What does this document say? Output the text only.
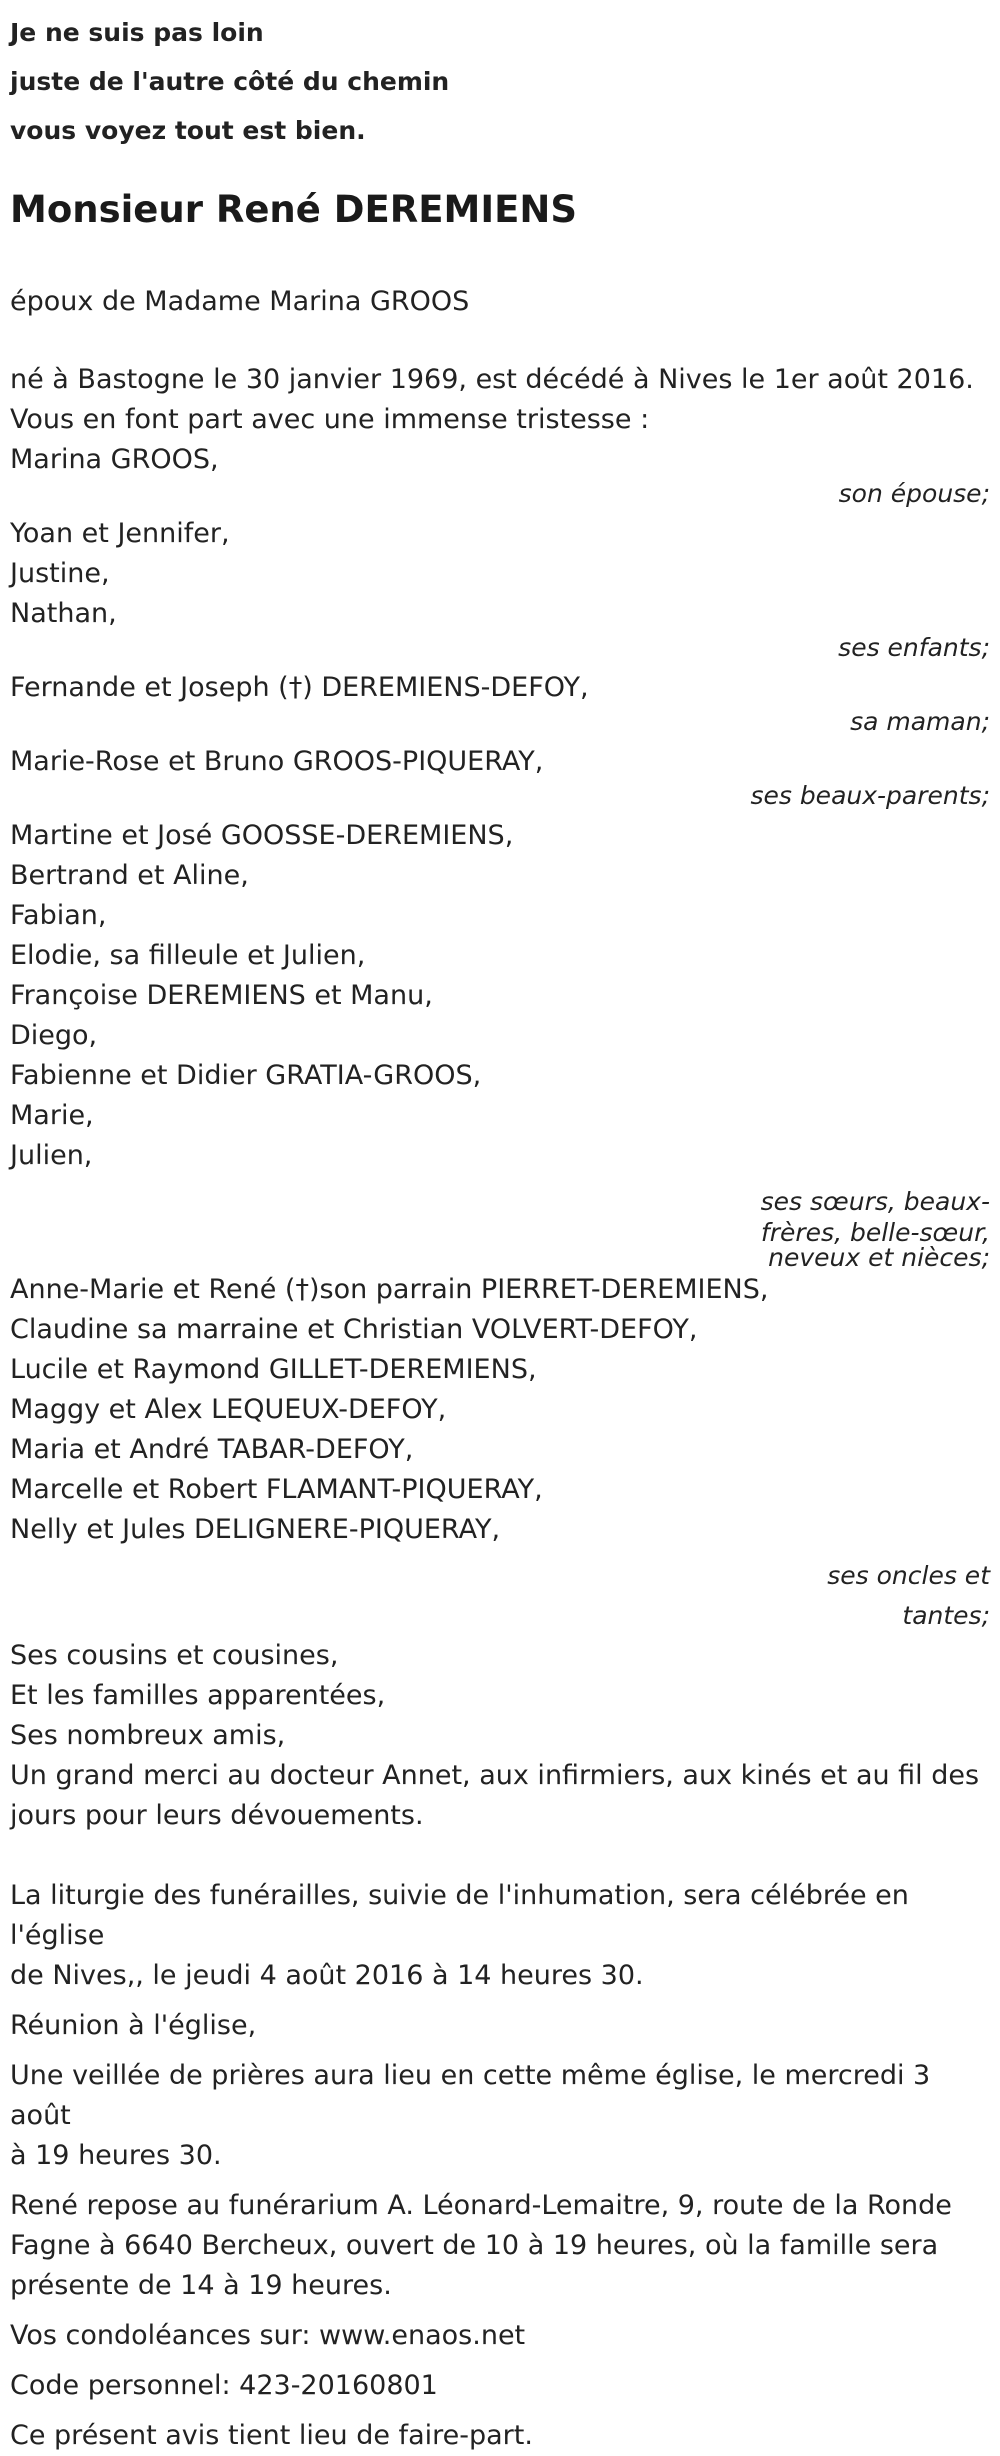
Je ne suis pas loin

juste de l'autre côté du chemin

vous voyez tout est bien.

Monsieur René DEREMIENS

époux de Madame Marina GROOS

né à Bastogne le 30 janvier 1969, est décédé à Nives le 1er août 2016.

Vous en font part avec une immense tristesse :

Marina GROOS,

son épouse;

Yoan et Jennifer,

Justine,

Nathan,

ses enfants;

Fernande et Joseph (†) DEREMIENS-DEFOY,

sa maman;

Marie-Rose et Bruno GROOS-PIQUERAY,

ses beaux-parents;

Martine et José GOOSSE-DEREMIENS,

Bertrand et Aline,

Fabian,

Elodie, sa filleule et Julien,

Françoise DEREMIENS et Manu,

Diego,

Fabienne et Didier GRATIA-GROOS,

Marie,

Julien,

ses sœurs, beaux-

frères, belle-sœur,

neveux et nièces;

Anne-Marie et René (†)son parrain PIERRET-DEREMIENS,

Claudine sa marraine et Christian VOLVERT-DEFOY,

Lucile et Raymond GILLET-DEREMIENS,

Maggy et Alex LEQUEUX-DEFOY,

Maria et André TABAR-DEFOY,

Marcelle et Robert FLAMANT-PIQUERAY,

Nelly et Jules DELIGNERE-PIQUERAY,

ses oncles et

tantes;

Ses cousins et cousines,

Et les familles apparentées,

Ses nombreux amis,

Un grand merci au docteur Annet, aux infirmiers, aux kinés et au fil des

jours pour leurs dévouements.

La liturgie des funérailles, suivie de l'inhumation, sera célébrée en l'église

de Nives,, le jeudi 4 août 2016 à 14 heures 30.

Réunion à l'église,

Une veillée de prières aura lieu en cette même église, le mercredi 3 août

à 19 heures 30.

René repose au funérarium A. Léonard-Lemaitre, 9, route de la Ronde

Fagne à 6640 Bercheux, ouvert de 10 à 19 heures, où la famille sera

présente de 14 à 19 heures.

Vos condoléances sur: www.enaos.net

Code personnel: 423-20160801

Ce présent avis tient lieu de faire-part.
